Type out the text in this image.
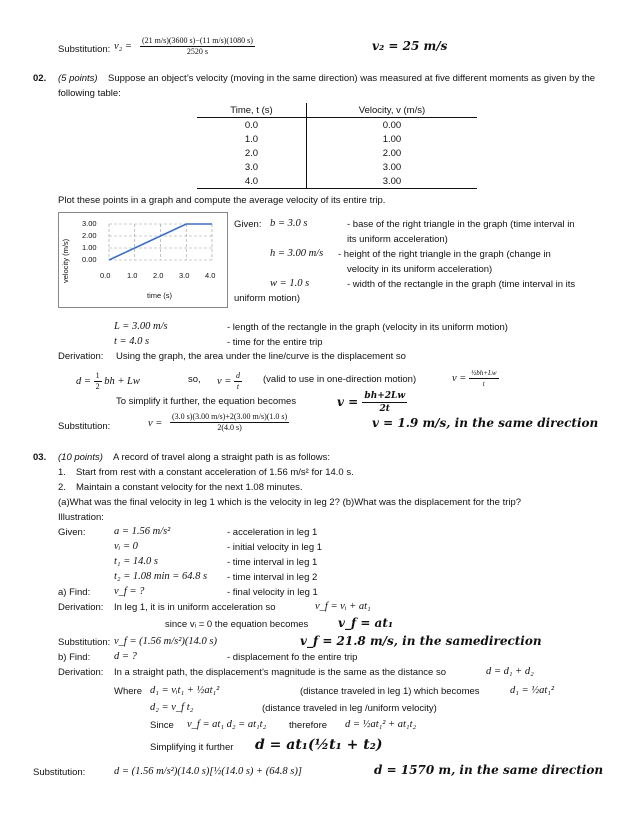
Substitution: $v_2 = \frac{(21 m/s)(3600 s)-(11 m/s)(1080 s)}{2520 s}$	v₂ = 25 m/s
02. (5 points) Suppose an object’s velocity (moving in the same direction) was measured at five different moments as given by the
following table:
Time, t (s)	Velocity, v (m/s)
0.0	0.00
1.0	1.00
2.0	2.00
3.0	3.00
4.0	3.00
Plot these points in a graph and compute the average velocity of its entire trip.
velocity (m/s)
3.00
2.00
1.00
0.00
0.0 1.0 2.0 3.0 4.0
time (s)
Given: b = 3.0 s	- base of the right triangle in the graph (time interval in
its uniform acceleration)
h = 3.00 m/s - height of the right triangle in the graph (change in
velocity in its uniform acceleration)
w = 1.0 s	- width of the rectangle in the graph (time interval in its
uniform motion)
L = 3.00 m/s	- length of the rectangle in the graph (velocity in its uniform motion)
t = 4.0 s	- time for the entire trip
Derivation: Using the graph, the area under the line/curve is the displacement so
$d = \frac{1}{2}$ bh + Lw	so, $v = \frac{d}{t}$ (valid to use in one-direction motion)	$v = \frac{\text{½bh+Lw}}{t}$
To simplify it further, the equation becomes	$v = \frac{bh+2Lw}{2t}$
Substitution:	$v = \frac{(3.0 s)(3.00 m/s)+2(3.00 m/s)(1.0 s)}{2(4.0 s)}$	v = 1.9 m/s, in the same direction
03. (10 points) A record of travel along a straight path is as follows:
1. Start from rest with a constant acceleration of 1.56 m/s² for 14.0 s.
2. Maintain a constant velocity for the next 1.08 minutes.
(a)What was the final velocity in leg 1 which is the velocity in leg 2? (b)What was the displacement for the trip?
Illustration:
Given:	a = 1.56 m/s²	- acceleration in leg 1
vᵢ = 0	- initial velocity in leg 1
t₁ = 14.0 s	- time interval in leg 1
t₂ = 1.08 min = 64.8 s - time interval in leg 2
a) Find: v_f = ?	- final velocity in leg 1
Derivation: In leg 1, it is in uniform acceleration so	v_f = vᵢ + at₁
since vᵢ = 0 the equation becomes v_f = at₁
Substitution: v_f = (1.56 m/s²)(14.0 s)	v_f = 21.8 m/s, in the samedirection
b) Find: d = ?	- displacement fo the entire trip
Derivation: In a straight path, the displacement’s magnitude is the same as the distance so	d = d₁ + d₂
Where d₁ = vᵢt₁ + ½at₁²	(distance traveled in leg 1) which becomes	d₁ = ½at₁²
d₂ = v_f t₂	(distance traveled in leg /uniform velocity)
Since v_f = at₁ d₂ = at₁t₂ therefore d = ½at₁² + at₁t₂
Simplifying it further d = at₁(½t₁ + t₂)
Substitution:	d = (1.56 m/s²)(14.0 s)[½(14.0 s) + (64.8 s)]	d = 1570 m, in the same direction
